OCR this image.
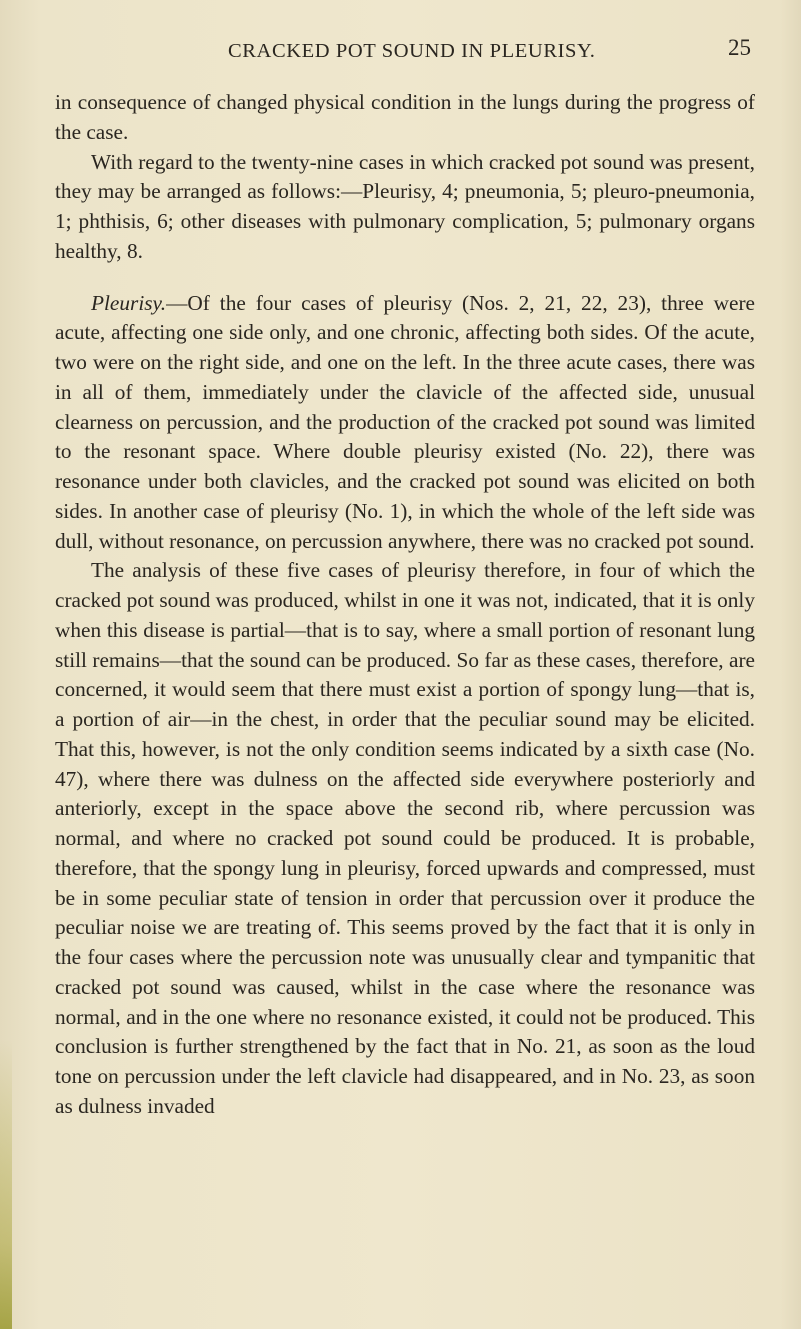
CRACKED POT SOUND IN PLEURISY.	25

in consequence of changed physical condition in the lungs during the progress of the case.

With regard to the twenty-nine cases in which cracked pot sound was present, they may be arranged as follows:—Pleurisy, 4; pneumonia, 5; pleuro-pneumonia, 1; phthisis, 6; other diseases with pulmonary complication, 5; pulmonary organs healthy, 8.

Pleurisy.—Of the four cases of pleurisy (Nos. 2, 21, 22, 23), three were acute, affecting one side only, and one chronic, affecting both sides. Of the acute, two were on the right side, and one on the left. In the three acute cases, there was in all of them, immediately under the clavicle of the affected side, unusual clearness on percussion, and the production of the cracked pot sound was limited to the resonant space. Where double pleurisy existed (No. 22), there was resonance under both clavicles, and the cracked pot sound was elicited on both sides. In another case of pleurisy (No. 1), in which the whole of the left side was dull, without resonance, on percussion anywhere, there was no cracked pot sound.

The analysis of these five cases of pleurisy therefore, in four of which the cracked pot sound was produced, whilst in one it was not, indicated, that it is only when this disease is partial—that is to say, where a small portion of resonant lung still remains—that the sound can be produced. So far as these cases, therefore, are concerned, it would seem that there must exist a portion of spongy lung—that is, a portion of air—in the chest, in order that the peculiar sound may be elicited. That this, however, is not the only condition seems indicated by a sixth case (No. 47), where there was dulness on the affected side everywhere posteriorly and anteriorly, except in the space above the second rib, where percussion was normal, and where no cracked pot sound could be produced. It is probable, therefore, that the spongy lung in pleurisy, forced upwards and compressed, must be in some peculiar state of tension in order that percussion over it produce the peculiar noise we are treating of. This seems proved by the fact that it is only in the four cases where the percussion note was unusually clear and tympanitic that cracked pot sound was caused, whilst in the case where the resonance was normal, and in the one where no resonance existed, it could not be produced. This conclusion is further strengthened by the fact that in No. 21, as soon as the loud tone on percussion under the left clavicle had disappeared, and in No. 23, as soon as dulness invaded
